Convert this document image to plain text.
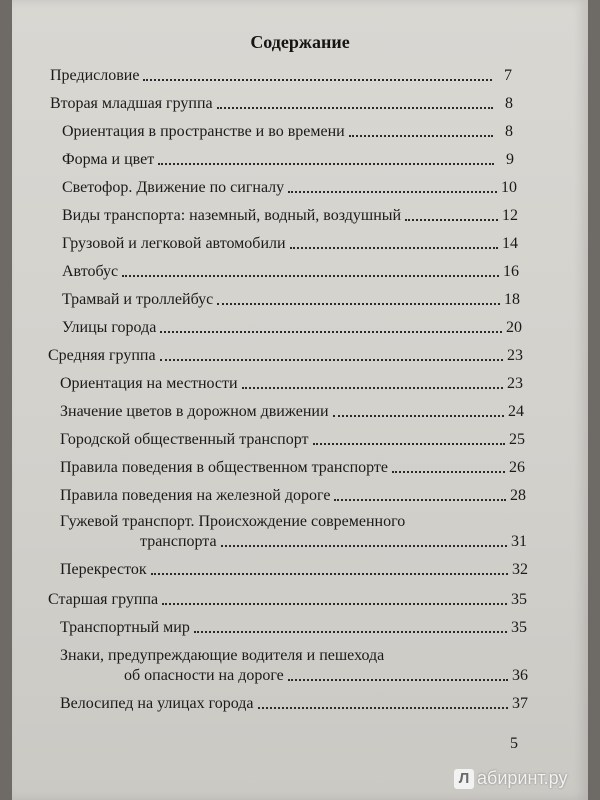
Содержание
Предисловие	7
Вторая младшая группа	8
Ориентация в пространстве и во времени	8
Форма и цвет	9
Светофор. Движение по сигналу	10
Виды транспорта: наземный, водный, воздушный	12
Грузовой и легковой автомобили	14
Автобус	16
Трамвай и троллейбус	18
Улицы города	20
Средняя группа	23
Ориентация на местности	23
Значение цветов в дорожном движении	24
Городской общественный транспорт	25
Правила поведения в общественном транспорте	26
Правила поведения на железной дороге	28
Гужевой транспорт. Происхождение современного
транспорта	31
Перекресток	32
Старшая группа	35
Транспортный мир	35
Знаки, предупреждающие водителя и пешехода
об опасности на дороге	36
Велосипед на улицах города	37
5
Л абиринт.ру
